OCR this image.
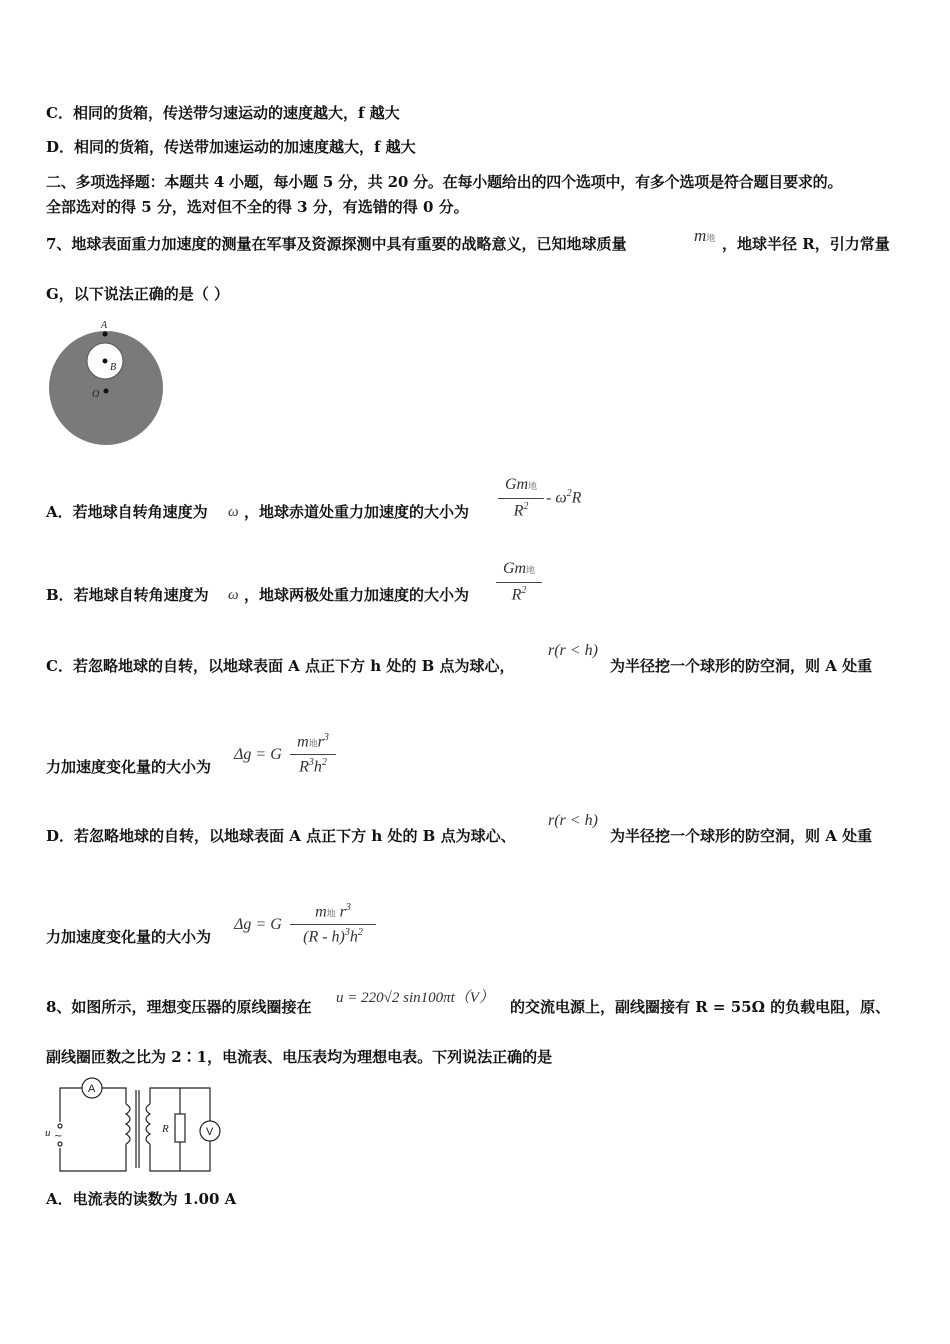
C．相同的货箱，传送带匀速运动的速度越大，f 越大
D．相同的货箱，传送带加速运动的加速度越大，f 越大
二、多项选择题：本题共 4 小题，每小题 5 分，共 20 分。在每小题给出的四个选项中，有多个选项是符合题目要求的。
全部选对的得 5 分，选对但不全的得 3 分，有选错的得 0 分。
7、地球表面重力加速度的测量在军事及资源探测中具有重要的战略意义，已知地球质量	m地 ，地球半径 R，引力常量
G，以下说法正确的是（ ）
A
B
O
A．若地球自转角速度为 ω ，地球赤道处重力加速度的大小为
Gm地
$R^2$
- $\omega^2R$
B．若地球自转角速度为 ω ，地球两极处重力加速度的大小为
Gm地
$R^2$
C．若忽略地球的自转，以地球表面 A 点正下方 h 处的 B 点为球心，
r(r < h)
为半径挖一个球形的防空洞，则 A 处重
力加速度变化量的大小为
Δg = G
m地$r^3$
$R^3h^2$
D．若忽略地球的自转，以地球表面 A 点正下方 h 处的 B 点为球心、
r(r < h)
为半径挖一个球形的防空洞，则 A 处重
力加速度变化量的大小为
Δg = G
m地 $r^3$
$(R - h)^3h^2$
8、如图所示，理想变压器的原线圈接在 u = 220√2 sin100πt（V） 的交流电源上，副线圈接有 R = 55Ω 的负载电阻，原、
副线圈匝数之比为 2∶1，电流表、电压表均为理想电表。下列说法正确的是
A
V
R
u ~
A．电流表的读数为 1.00 A
